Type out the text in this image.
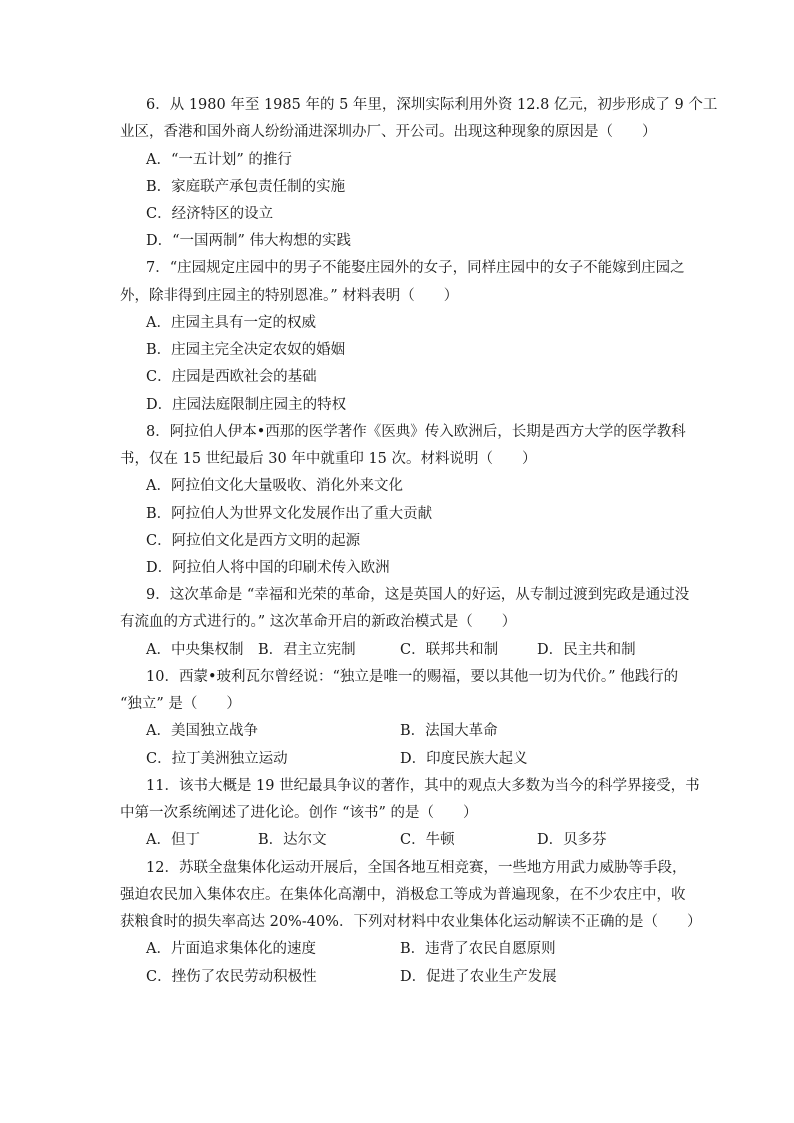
6．从 1980 年至 1985 年的 5 年里，深圳实际利用外资 12.8 亿元，初步形成了 9 个工
业区，香港和国外商人纷纷涌进深圳办厂、开公司。出现这种现象的原因是（　　）
A．“一五计划” 的推行
B．家庭联产承包责任制的实施
C．经济特区的设立
D．“一国两制” 伟大构想的实践
7．“庄园规定庄园中的男子不能娶庄园外的女子，同样庄园中的女子不能嫁到庄园之
外，除非得到庄园主的特别恩准。” 材料表明（　　）
A．庄园主具有一定的权威
B．庄园主完全决定农奴的婚姻
C．庄园是西欧社会的基础
D．庄园法庭限制庄园主的特权
8．阿拉伯人伊本•西那的医学著作《医典》传入欧洲后，长期是西方大学的医学教科
书，仅在 15 世纪最后 30 年中就重印 15 次。材料说明（　　）
A．阿拉伯文化大量吸收、消化外来文化
B．阿拉伯人为世界文化发展作出了重大贡献
C．阿拉伯文化是西方文明的起源
D．阿拉伯人将中国的印刷术传入欧洲
9．这次革命是 “幸福和光荣的革命，这是英国人的好运，从专制过渡到宪政是通过没
有流血的方式进行的。” 这次革命开启的新政治模式是（　　）
A．中央集权制 B．君主立宪制	C．联邦共和制	D．民主共和制
10．西蒙•玻利瓦尔曾经说：“独立是唯一的赐福，要以其他一切为代价。” 他践行的
“独立” 是（　　）
A．美国独立战争	B．法国大革命
C．拉丁美洲独立运动	D．印度民族大起义
11．该书大概是 19 世纪最具争议的著作，其中的观点大多数为当今的科学界接受，书
中第一次系统阐述了进化论。创作 “该书” 的是（　　）
A．但丁	B．达尔文	C．牛顿	D．贝多芬
12．苏联全盘集体化运动开展后，全国各地互相竞赛，一些地方用武力威胁等手段，
强迫农民加入集体农庄。在集体化高潮中，消极怠工等成为普遍现象，在不少农庄中，收
获粮食时的损失率高达 20%-40%．下列对材料中农业集体化运动解读不正确的是（　　）
A．片面追求集体化的速度	B．违背了农民自愿原则
C．挫伤了农民劳动积极性	D．促进了农业生产发展
